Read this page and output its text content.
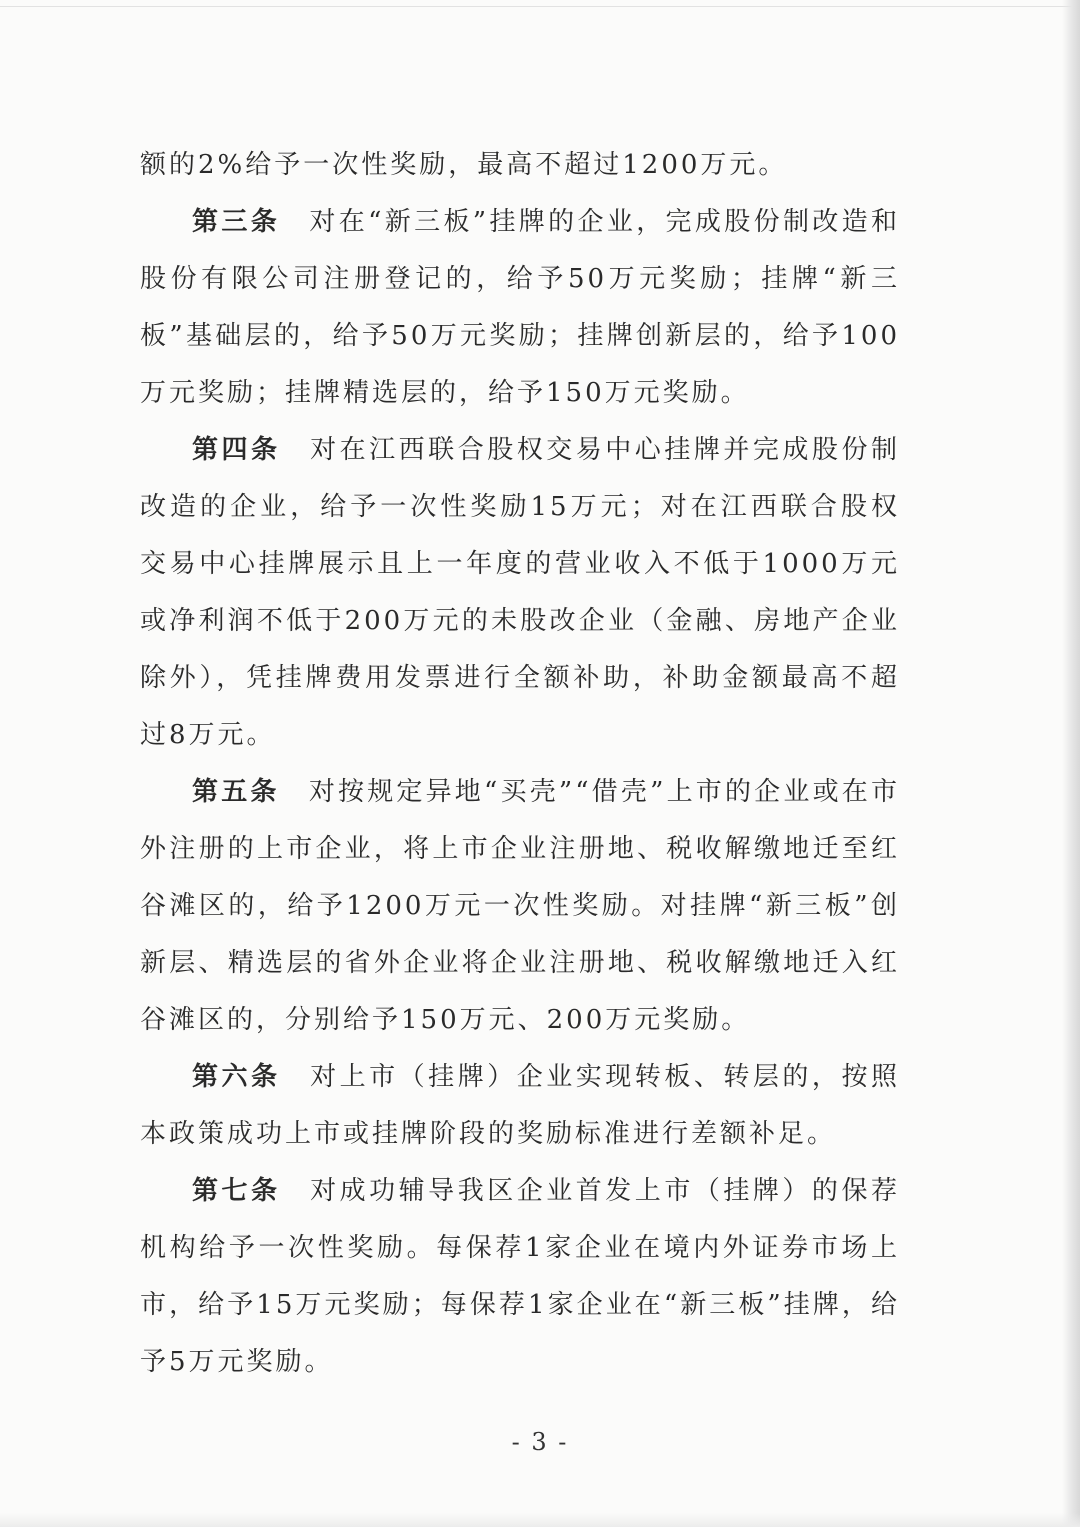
额的2%给予一次性奖励，最高不超过1200万元。

第三条　 对在“新三板”挂牌的企业，完成股份制改造和股份有限公司注册登记的，给予50万元奖励；挂牌“新三板”基础层的，给予50万元奖励；挂牌创新层的，给予100万元奖励；挂牌精选层的，给予150万元奖励。

第四条　 对在江西联合股权交易中心挂牌并完成股份制改造的企业，给予一次性奖励15万元；对在江西联合股权交易中心挂牌展示且上一年度的营业收入不低于1000万元或净利润不低于200万元的未股改企业（金融、房地产企业除外），凭挂牌费用发票进行全额补助，补助金额最高不超过8万元。

第五条　 对按规定异地“买壳”“借壳”上市的企业或在市外注册的上市企业，将上市企业注册地、税收解缴地迁至红谷滩区的，给予1200万元一次性奖励。对挂牌“新三板”创新层、精选层的省外企业将企业注册地、税收解缴地迁入红谷滩区的，分别给予150万元、200万元奖励。

第六条　 对上市（挂牌）企业实现转板、转层的，按照本政策成功上市或挂牌阶段的奖励标准进行差额补足。

第七条　 对成功辅导我区企业首发上市（挂牌）的保荐机构给予一次性奖励。每保荐1家企业在境内外证券市场上市，给予15万元奖励；每保荐1家企业在“新三板”挂牌，给予5万元奖励。

- 3 -
